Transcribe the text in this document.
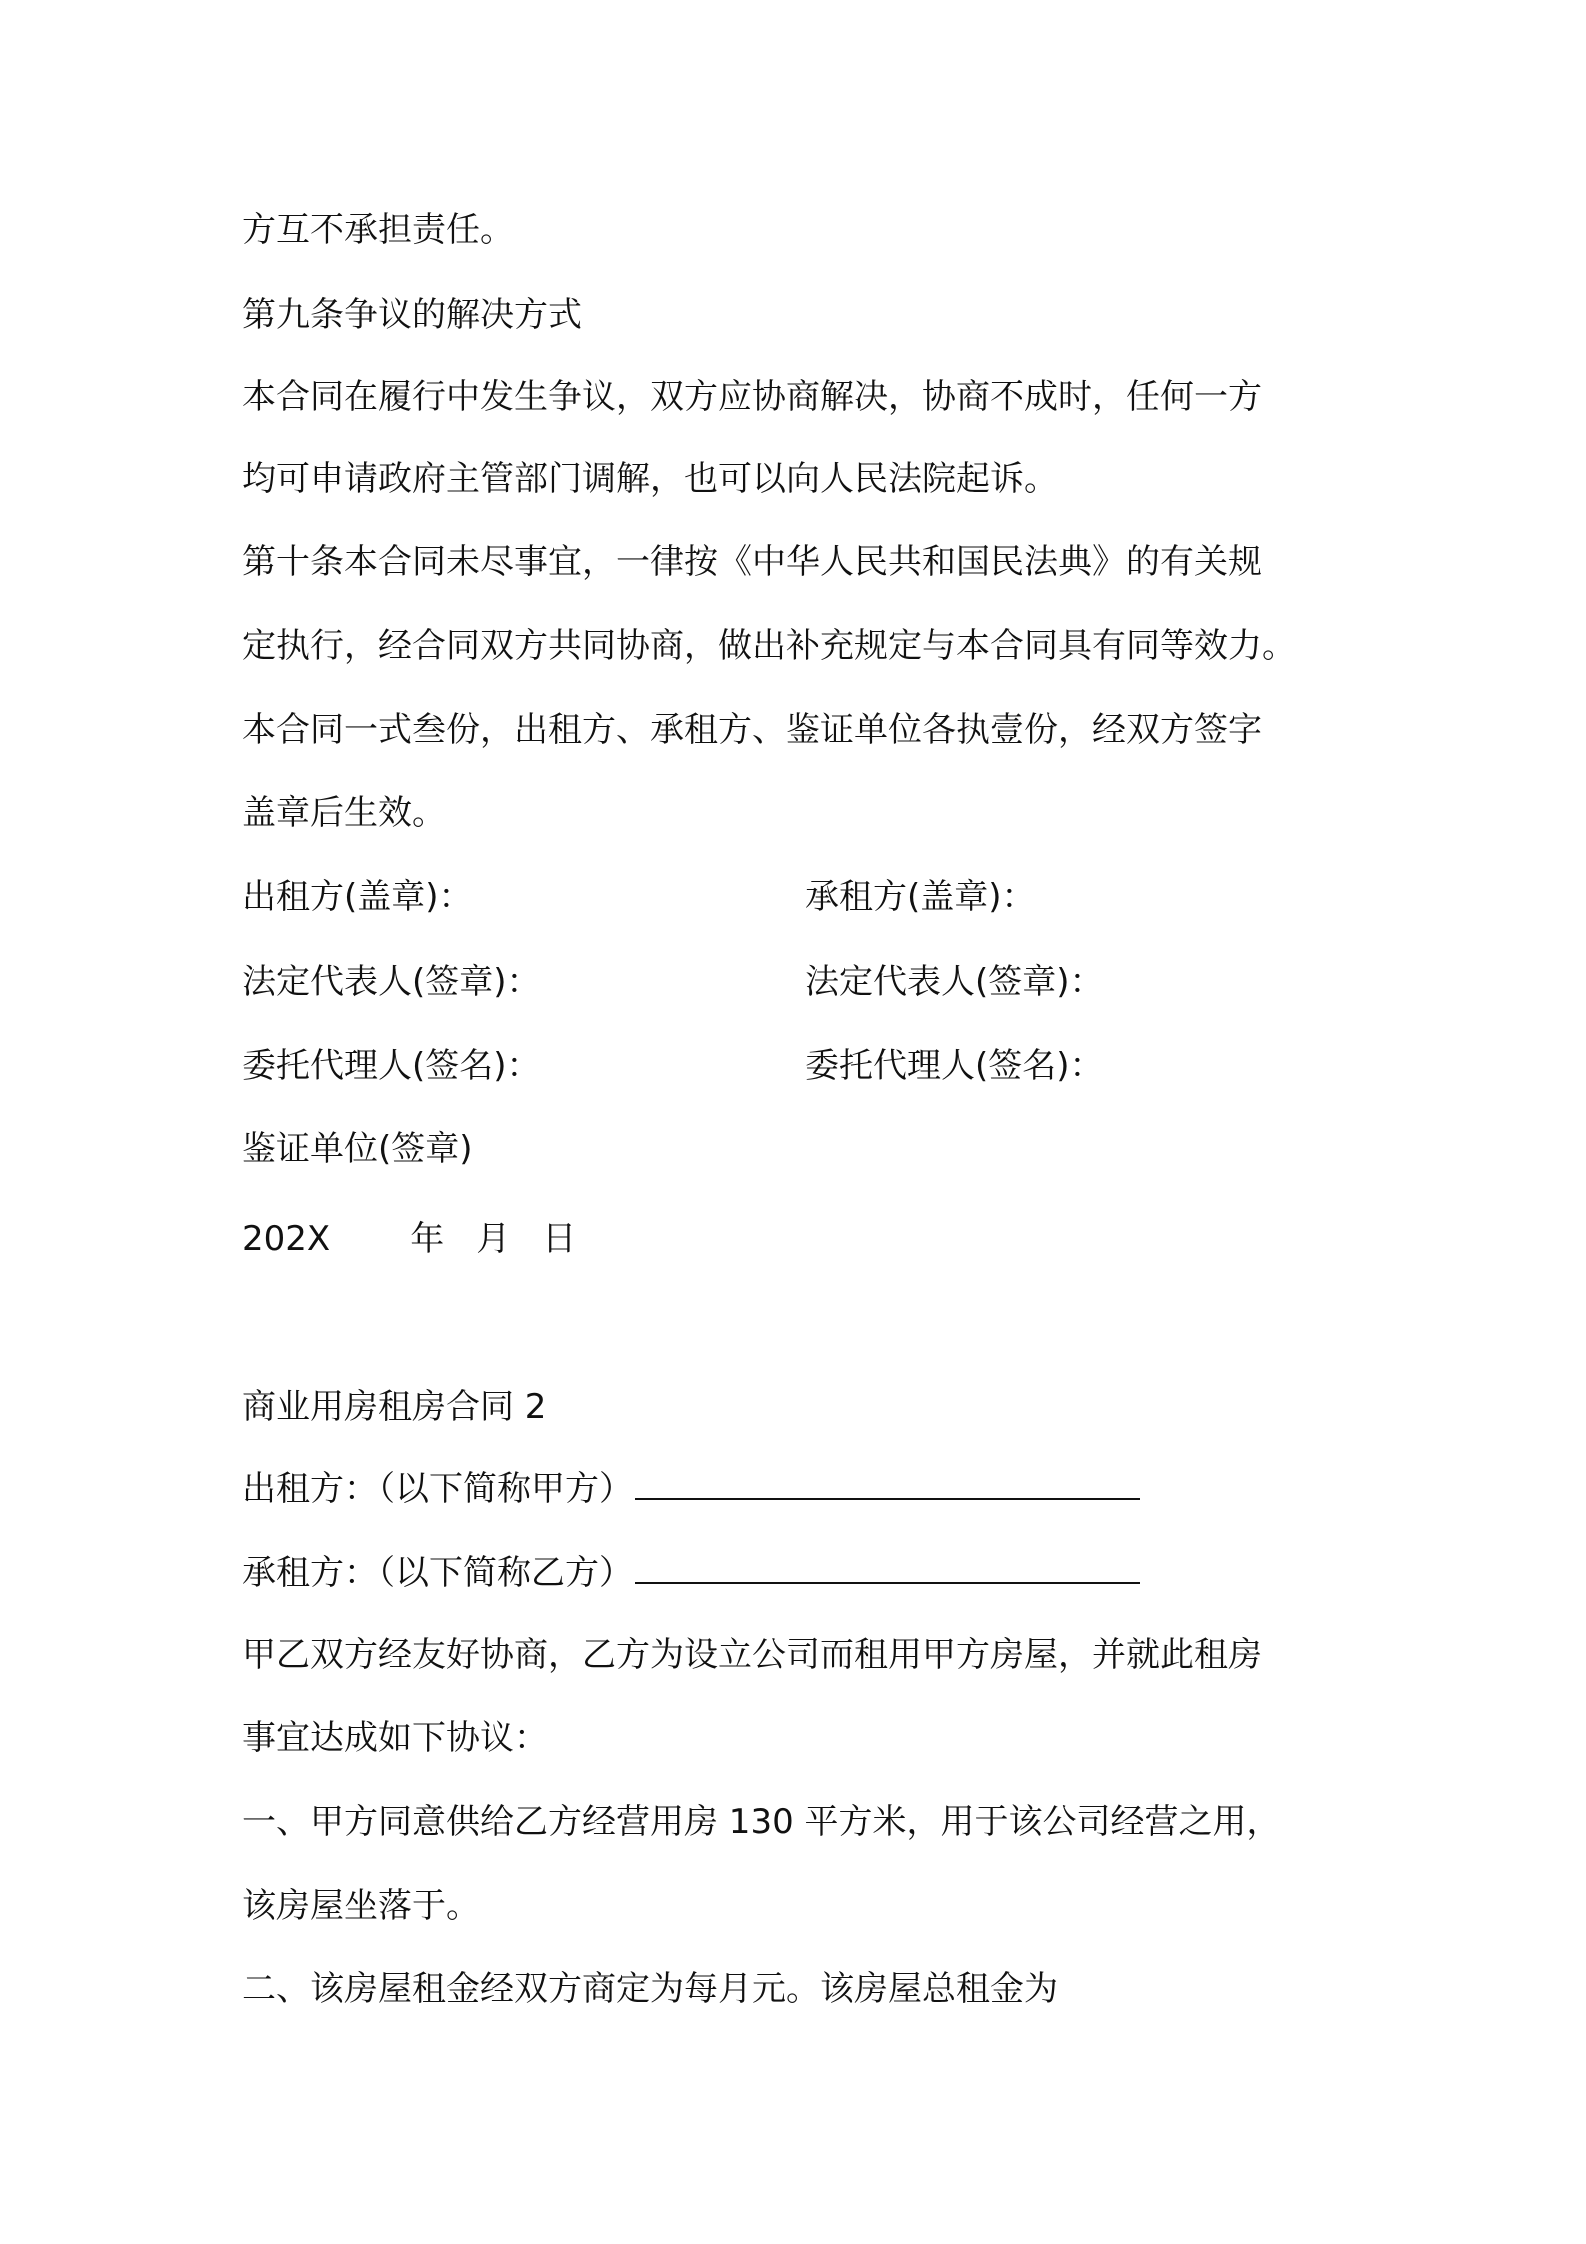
方互不承担责任。
第九条争议的解决方式
本合同在履行中发生争议，双方应协商解决，协商不成时，任何一方
均可申请政府主管部门调解，也可以向人民法院起诉。
第十条本合同未尽事宜，一律按《中华人民共和国民法典》的有关规
定执行，经合同双方共同协商，做出补充规定与本合同具有同等效力。
本合同一式叁份，出租方、承租方、鉴证单位各执壹份，经双方签字
盖章后生效。
出租方(盖章)：	承租方(盖章)：
法定代表人(签章)：	法定代表人(签章)：
委托代理人(签名)：	委托代理人(签名)：
鉴证单位(签章)
202X 年 月 日
商业用房租房合同 2
出租方：（以下简称甲方）
承租方：（以下简称乙方）
甲乙双方经友好协商，乙方为设立公司而租用甲方房屋，并就此租房
事宜达成如下协议：
一、甲方同意供给乙方经营用房 130 平方米，用于该公司经营之用，
该房屋坐落于。
二、该房屋租金经双方商定为每月元。该房屋总租金为
